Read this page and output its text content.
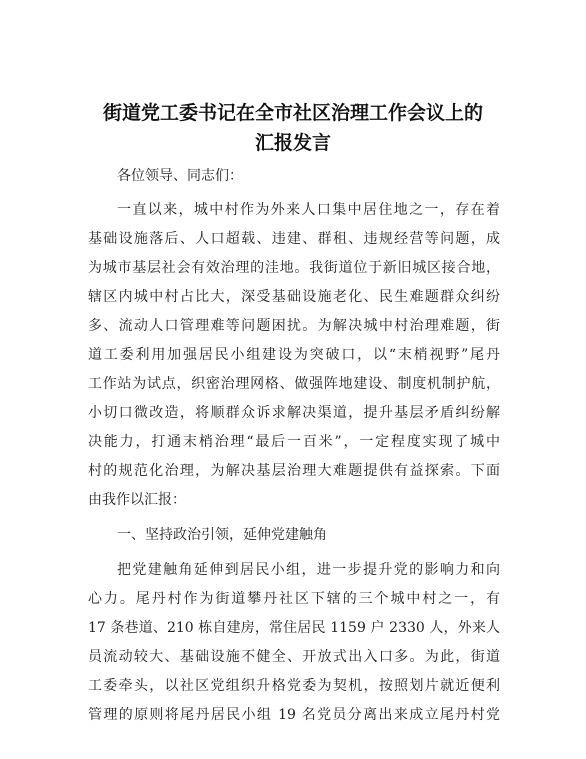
街道党工委书记在全市社区治理工作会议上的
汇报发言
各位领导、同志们：
一直以来，城中村作为外来人口集中居住地之一，存在着
基础设施落后、人口超载、违建、群租、违规经营等问题，成
为城市基层社会有效治理的洼地。我街道位于新旧城区接合地，
辖区内城中村占比大，深受基础设施老化、民生难题群众纠纷
多、流动人口管理难等问题困扰。为解决城中村治理难题，街
道工委利用加强居民小组建设为突破口，以“末梢视野”尾丹
工作站为试点，织密治理网格、做强阵地建设、制度机制护航，
小切口微改造，将顺群众诉求解决渠道，提升基层矛盾纠纷解
决能力，打通末梢治理“最后一百米”，一定程度实现了城中
村的规范化治理，为解决基层治理大难题提供有益探索。下面
由我作以汇报：
一、坚持政治引领，延伸党建触角
把党建触角延伸到居民小组，进一步提升党的影响力和向
心力。尾丹村作为街道攀丹社区下辖的三个城中村之一，有
17 条巷道、210 栋自建房，常住居民 1159 户 2330 人，外来人
员流动较大、基础设施不健全、开放式出入口多。为此，街道
工委牵头，以社区党组织升格党委为契机，按照划片就近便利
管理的原则将尾丹居民小组 19 名党员分离出来成立尾丹村党
